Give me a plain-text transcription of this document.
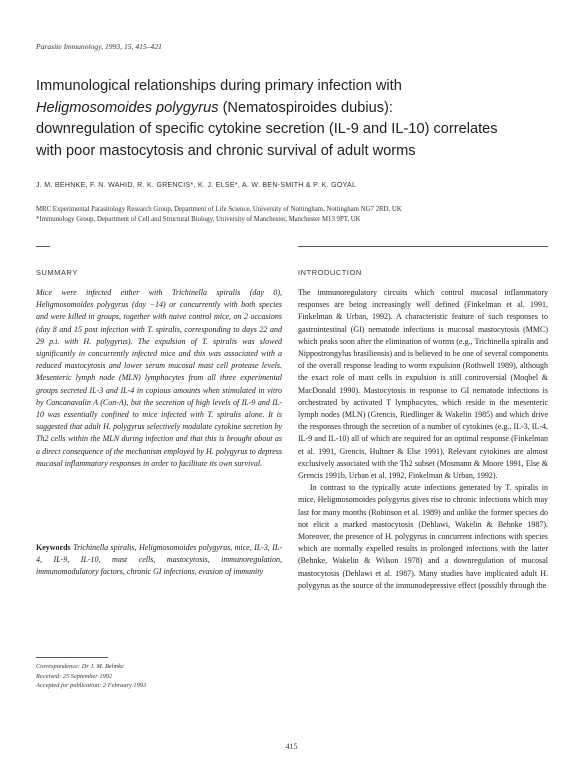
Parasite Immunology, 1993, 15, 415–421
Immunological relationships during primary infection with
Heligmosomoides polygyrus (Nematospiroides dubius):
downregulation of specific cytokine secretion (IL-9 and IL-10) correlates
with poor mastocytosis and chronic survival of adult worms
J. M. BEHNKE, F. N. WAHID, R. K. GRENCIS*, K. J. ELSE*, A. W. BEN-SMITH & P. K. GOYAL
MRC Experimental Parasitology Research Group, Department of Life Science, University of Nottingham, Nottingham NG7 2RD, UK
*Immunology Group, Department of Cell and Structural Biology, University of Manchester, Manchester M13 9PT, UK
SUMMARY
Mice were infected either with Trichinella spiralis (day 0), Heligmosomoides polygyrus (day −14) or concurrently with both species and were killed in groups, together with naive control mice, on 2 occasions (day 8 and 15 post infection with T. spiralis, corresponding to days 22 and 29 p.i. with H. polygyrus). The expulsion of T. spiralis was slowed significantly in concurrently infected mice and this was associated with a reduced mastocytosis and lower serum mucosal mast cell protease levels. Mesenteric lymph node (MLN) lymphocytes from all three experimental groups secreted IL-3 and IL-4 in copious amounts when stimulated in vitro by Concanavalin A (Con-A), but the secretion of high levels of IL-9 and IL-10 was essentially confined to mice infected with T. spiralis alone. It is suggested that adult H. polygyrus selectively modulate cytokine secretion by Th2 cells within the MLN during infection and that this is brought about as a direct consequence of the mechanism employed by H. polygyrus to depress mucosal inflammatory responses in order to facilitate its own survival.
Keywords Trichinella spiralis, Heligmosomoides polygyrus, mice, IL-3, IL-4, IL-9, IL-10, mast cells, mastocytosis, immunoregulation, immunomodulatory factors, chronic GI infections, evasion of immunity
Correspondence: Dr J. M. Behnke
Received: 25 September 1992
Accepted for publication: 2 February 1993
INTRODUCTION

The immunoregulatory circuits which control mucosal inflammatory responses are being increasingly well defined (Finkelman et al. 1991, Finkelman & Urban, 1992). A characteristic feature of such responses to gastrointestinal (GI) nematode infections is mucosal mastocytosis (MMC) which peaks soon after the elimination of worms (e.g., Trichinella spiralis and Nippostrongylus brasiliensis) and is believed to be one of several components of the overall response leading to worm expulsion (Rothwell 1989), although the exact role of mast cells in expulsion is still controversial (Moqbel & MacDonald 1990). Mastocytosis in response to GI nematode infections is orchestrated by activated T lymphocytes, which reside in the mesenteric lymph nodes (MLN) (Grencis, Riedlinger & Wakelin 1985) and which drive the responses through the secretion of a number of cytokines (e.g., IL-3, IL-4, IL-9 and IL-10) all of which are required for an optimal response (Finkelman et al. 1991, Grencis, Hultner & Else 1991). Relevant cytokines are almost exclusively associated with the Th2 subset (Mosmann & Moore 1991, Else & Grencis 1991b, Urban et al. 1992, Finkelman & Urban, 1992).

In contrast to the typically acute infections generated by T. spiralis in mice, Heligmosomoides polygyrus gives rise to chronic infections which may last for many months (Robinson et al. 1989) and unlike the former species do not elicit a marked mastocytosis (Dehlawi, Wakelin & Behnke 1987). Moreover, the presence of H. polygyrus in concurrent infections with species which are normally expelled results in prolonged infections with the latter (Behnke, Wakelin & Wilson 1978) and a downregulation of mucosal mastocytosis (Dehlawi et al. 1987). Many studies have implicated adult H. polygyrus as the source of the immunodepressive effect (possibly through the

415
